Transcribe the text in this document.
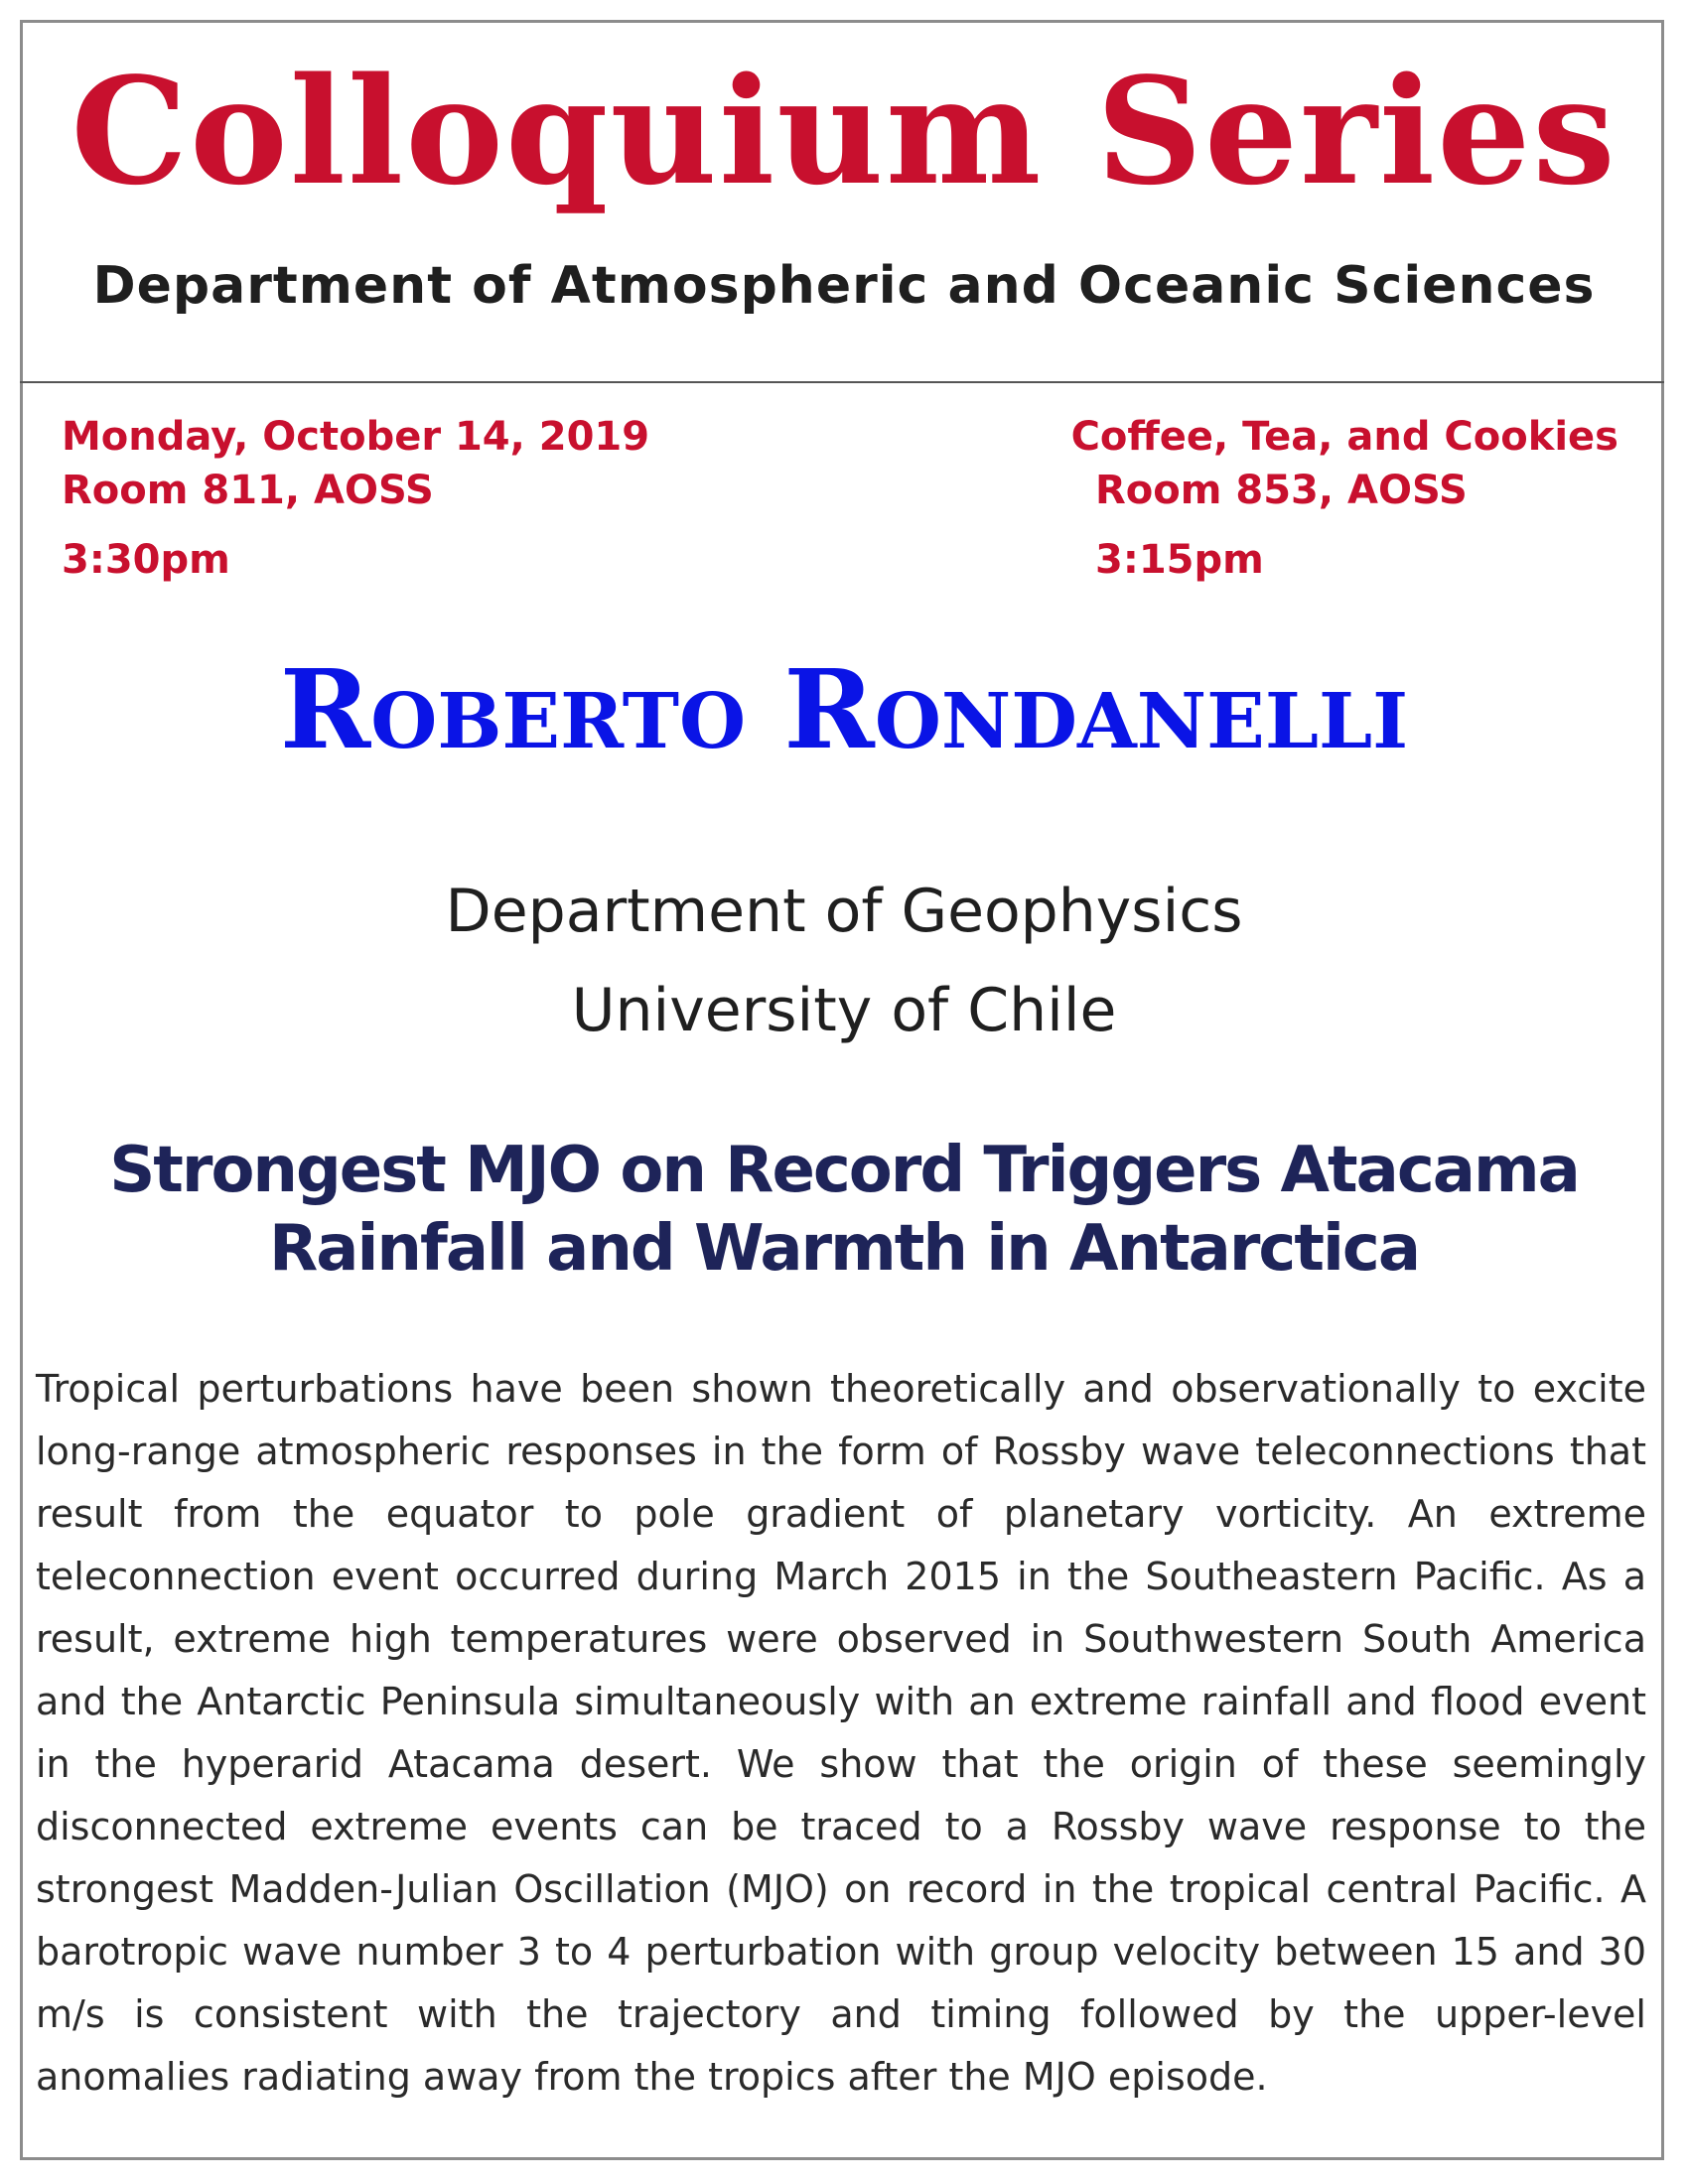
Colloquium Series
Department of Atmospheric and Oceanic Sciences
Monday, October 14, 2019
Room 811, AOSS
3:30pm
Coffee, Tea, and Cookies
Room 853, AOSS
3:15pm
Roberto Rondanelli
Department of Geophysics
University of Chile
Strongest MJO on Record Triggers Atacama
Rainfall and Warmth in Antarctica
Tropical perturbations have been shown theoretically and observationally to excite long-range atmospheric responses in the form of Rossby wave teleconnections that result from the equator to pole gradient of planetary vorticity. An extreme teleconnection event occurred during March 2015 in the Southeastern Pacific. As a result, extreme high temperatures were observed in Southwestern South America and the Antarctic Peninsula simultaneously with an extreme rainfall and flood event in the hyperarid Atacama desert. We show that the origin of these seemingly disconnected extreme events can be traced to a Rossby wave response to the strongest Madden-Julian Oscillation (MJO) on record in the tropical central Pacific. A barotropic wave number 3 to 4 perturbation with group velocity between 15 and 30 m/s is consistent with the trajectory and timing followed by the upper-level anomalies radiating away from the tropics after the MJO episode.
